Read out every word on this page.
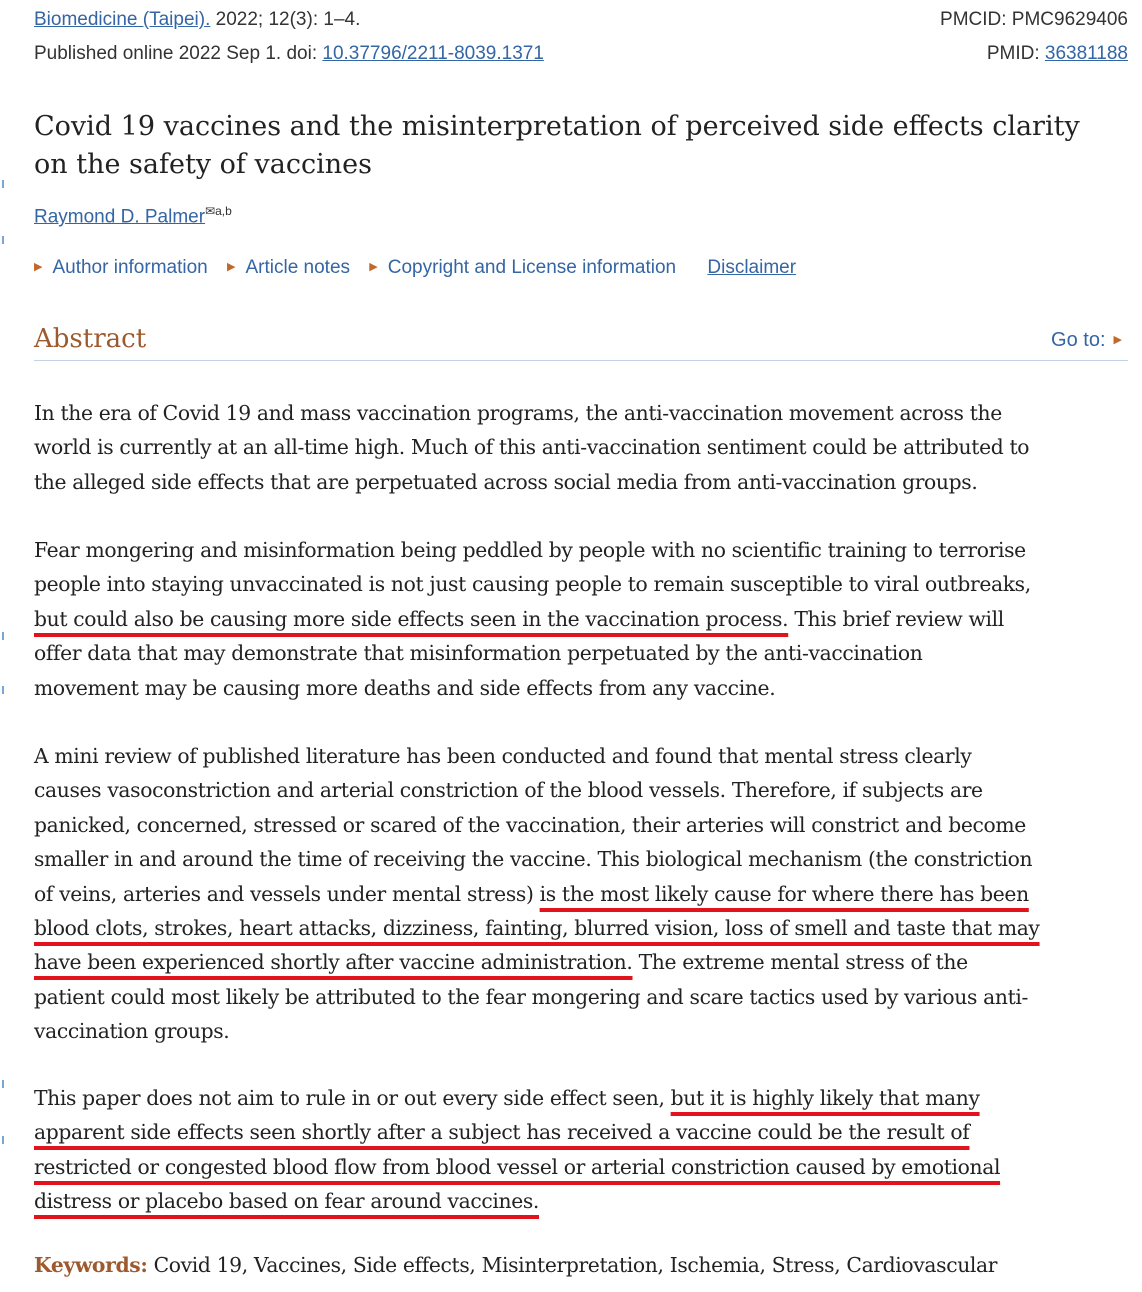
Biomedicine (Taipei). 2022; 12(3): 1–4.
Published online 2022 Sep 1. doi: 10.37796/2211-8039.1371
PMCID: PMC9629406
PMID: 36381188
Covid 19 vaccines and the misinterpretation of perceived side effects clarity on the safety of vaccines
Raymond D. Palmer$^{✉a,b}$
▶ Author information ▶ Article notes ▶ Copyright and License information Disclaimer
Abstract	Go to: ▶
In the era of Covid 19 and mass vaccination programs, the anti-vaccination movement across the
world is currently at an all-time high. Much of this anti-vaccination sentiment could be attributed to
the alleged side effects that are perpetuated across social media from anti-vaccination groups.
Fear mongering and misinformation being peddled by people with no scientific training to terrorise
people into staying unvaccinated is not just causing people to remain susceptible to viral outbreaks,
but could also be causing more side effects seen in the vaccination process. This brief review will
offer data that may demonstrate that misinformation perpetuated by the anti-vaccination
movement may be causing more deaths and side effects from any vaccine.
A mini review of published literature has been conducted and found that mental stress clearly
causes vasoconstriction and arterial constriction of the blood vessels. Therefore, if subjects are
panicked, concerned, stressed or scared of the vaccination, their arteries will constrict and become
smaller in and around the time of receiving the vaccine. This biological mechanism (the constriction
of veins, arteries and vessels under mental stress) is the most likely cause for where there has been
blood clots, strokes, heart attacks, dizziness, fainting, blurred vision, loss of smell and taste that may
have been experienced shortly after vaccine administration. The extreme mental stress of the
patient could most likely be attributed to the fear mongering and scare tactics used by various anti-
vaccination groups.
This paper does not aim to rule in or out every side effect seen, but it is highly likely that many
apparent side effects seen shortly after a subject has received a vaccine could be the result of
restricted or congested blood flow from blood vessel or arterial constriction caused by emotional
distress or placebo based on fear around vaccines.
Keywords: Covid 19, Vaccines, Side effects, Misinterpretation, Ischemia, Stress, Cardiovascular
